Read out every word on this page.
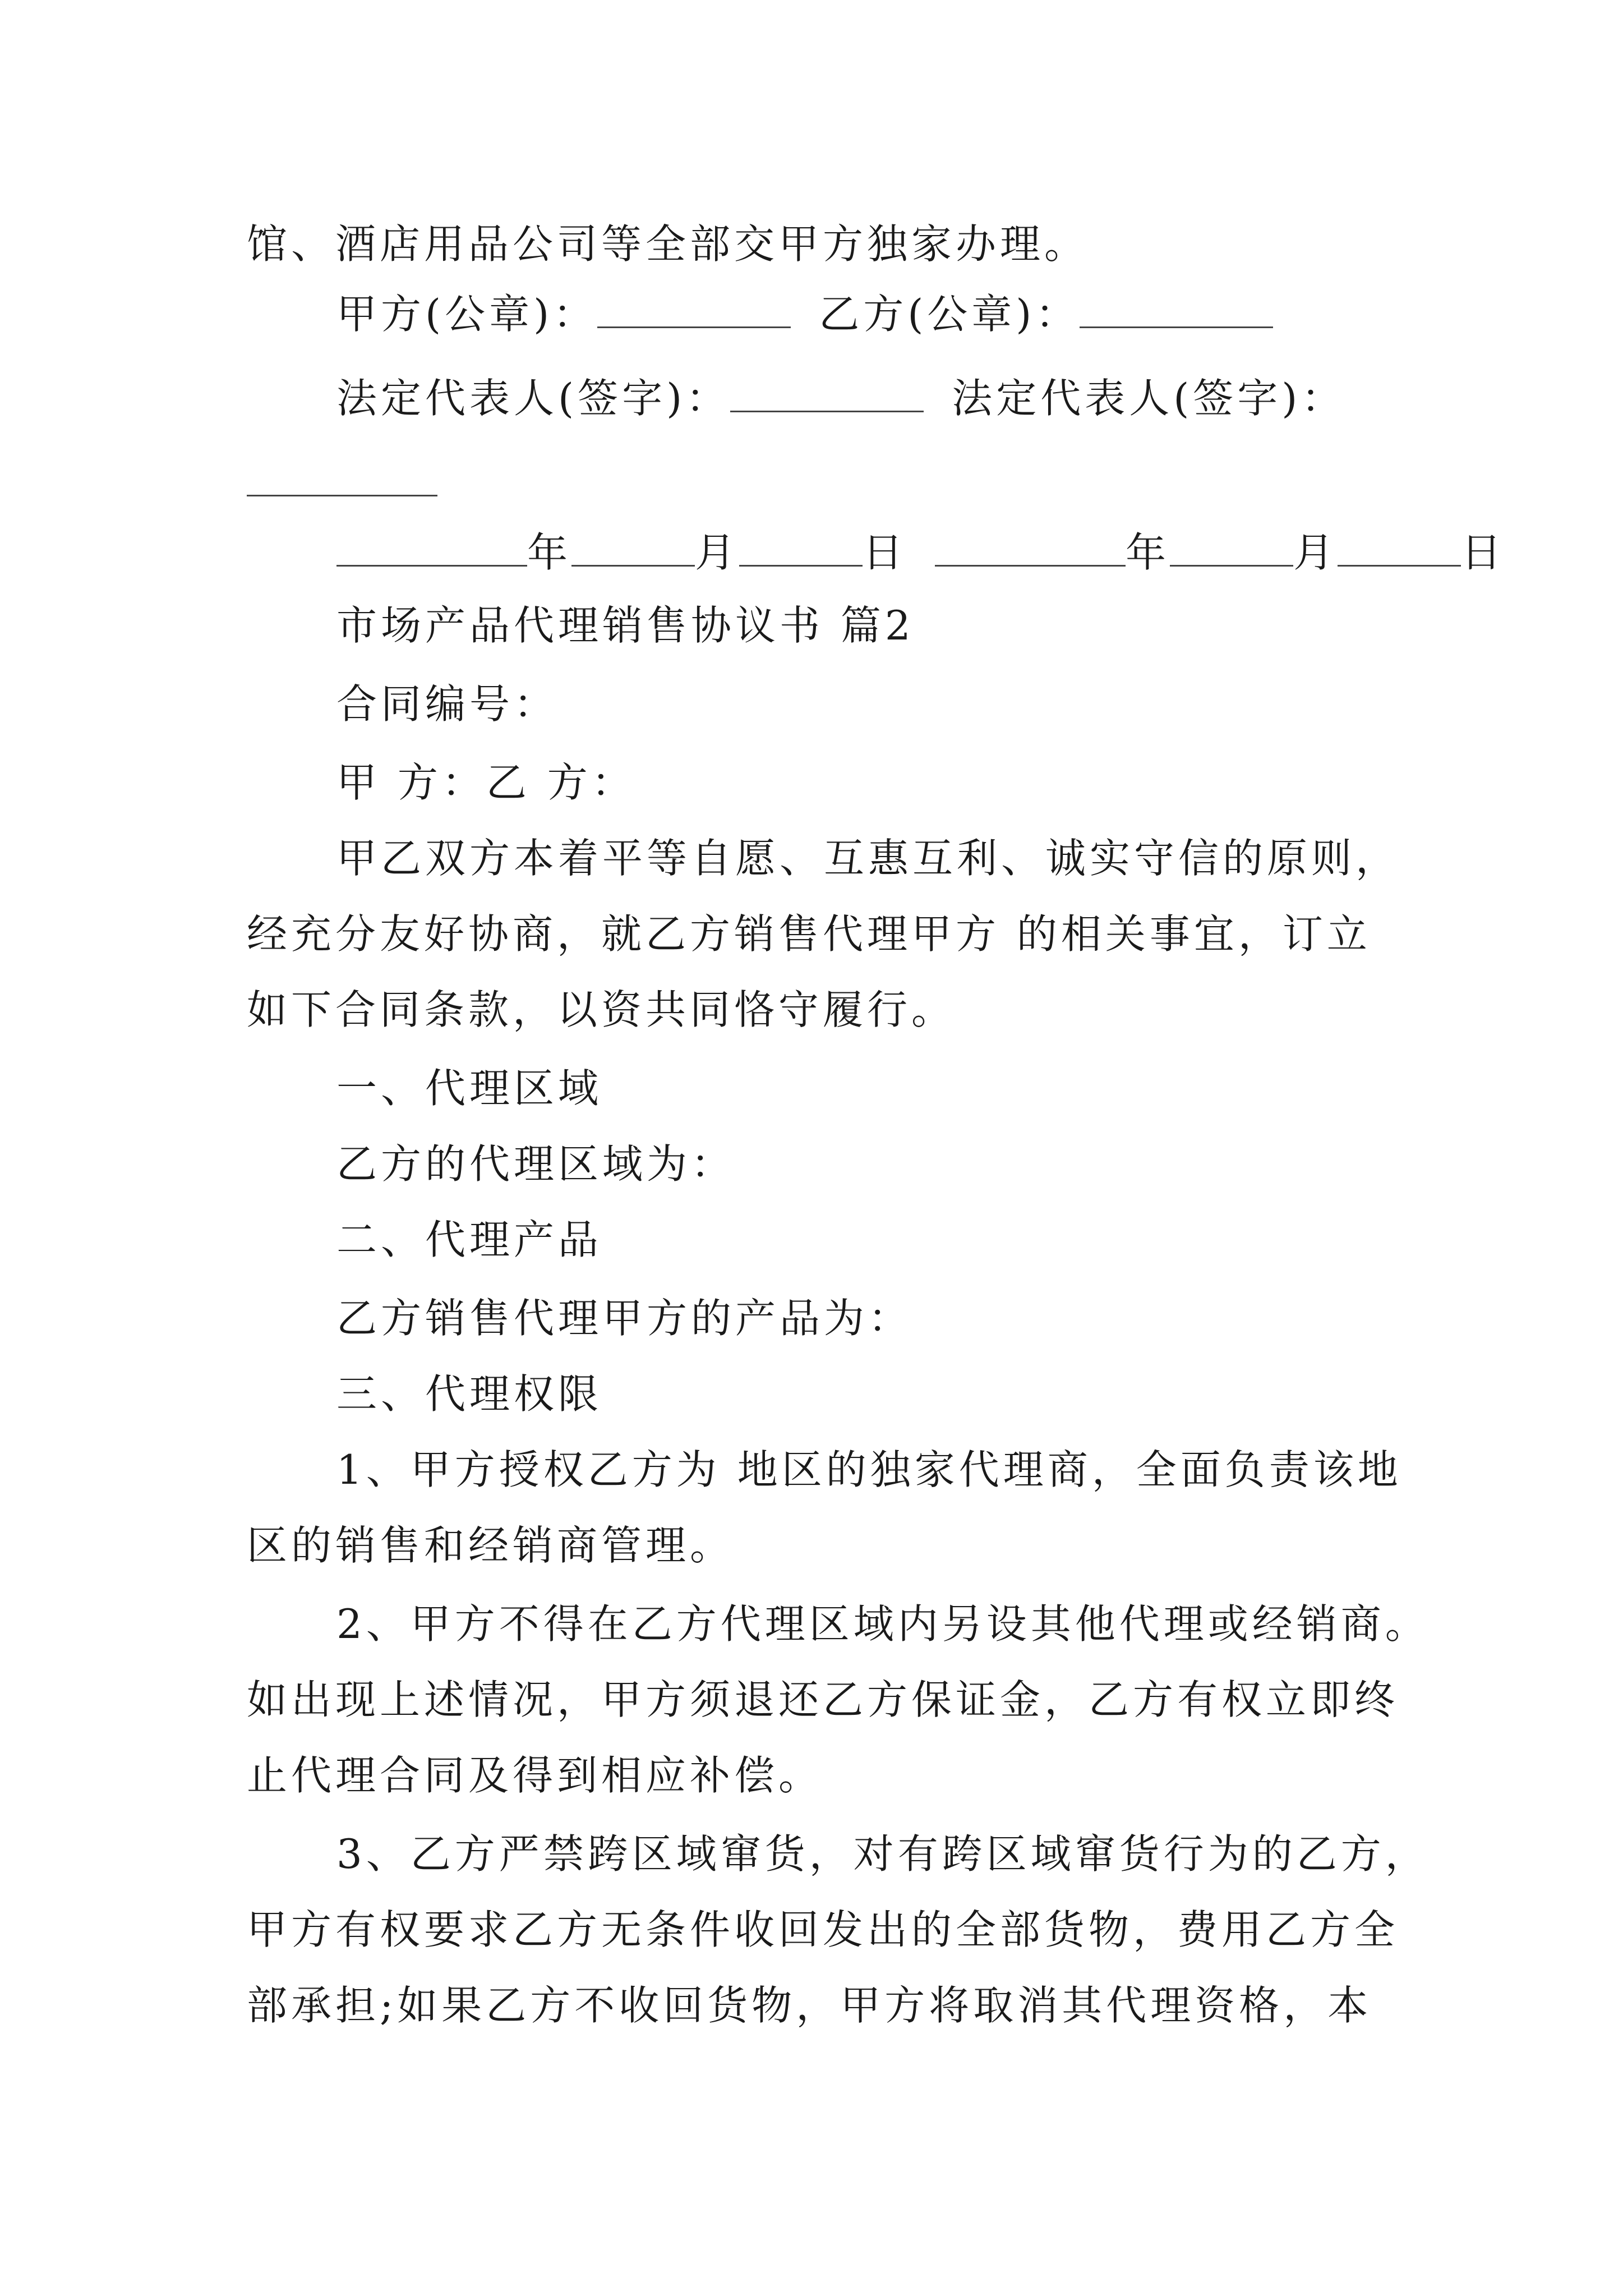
馆、酒店用品公司等全部交甲方独家办理。
甲方(公章)：	乙方(公章)：
法定代表人(签字)：	法定代表人(签字)：
年	月	日	年	月	日
市场产品代理销售协议书 篇2
合同编号：
甲 方：乙 方：
甲乙双方本着平等自愿、互惠互利、诚实守信的原则，
经充分友好协商，就乙方销售代理甲方 的相关事宜，订立
如下合同条款，以资共同恪守履行。
一、代理区域
乙方的代理区域为：
二、代理产品
乙方销售代理甲方的产品为：
三、代理权限
1、甲方授权乙方为 地区的独家代理商，全面负责该地
区的销售和经销商管理。
2、甲方不得在乙方代理区域内另设其他代理或经销商。
如出现上述情况，甲方须退还乙方保证金，乙方有权立即终
止代理合同及得到相应补偿。
3、乙方严禁跨区域窜货，对有跨区域窜货行为的乙方，
甲方有权要求乙方无条件收回发出的全部货物，费用乙方全
部承担;如果乙方不收回货物，甲方将取消其代理资格，本
